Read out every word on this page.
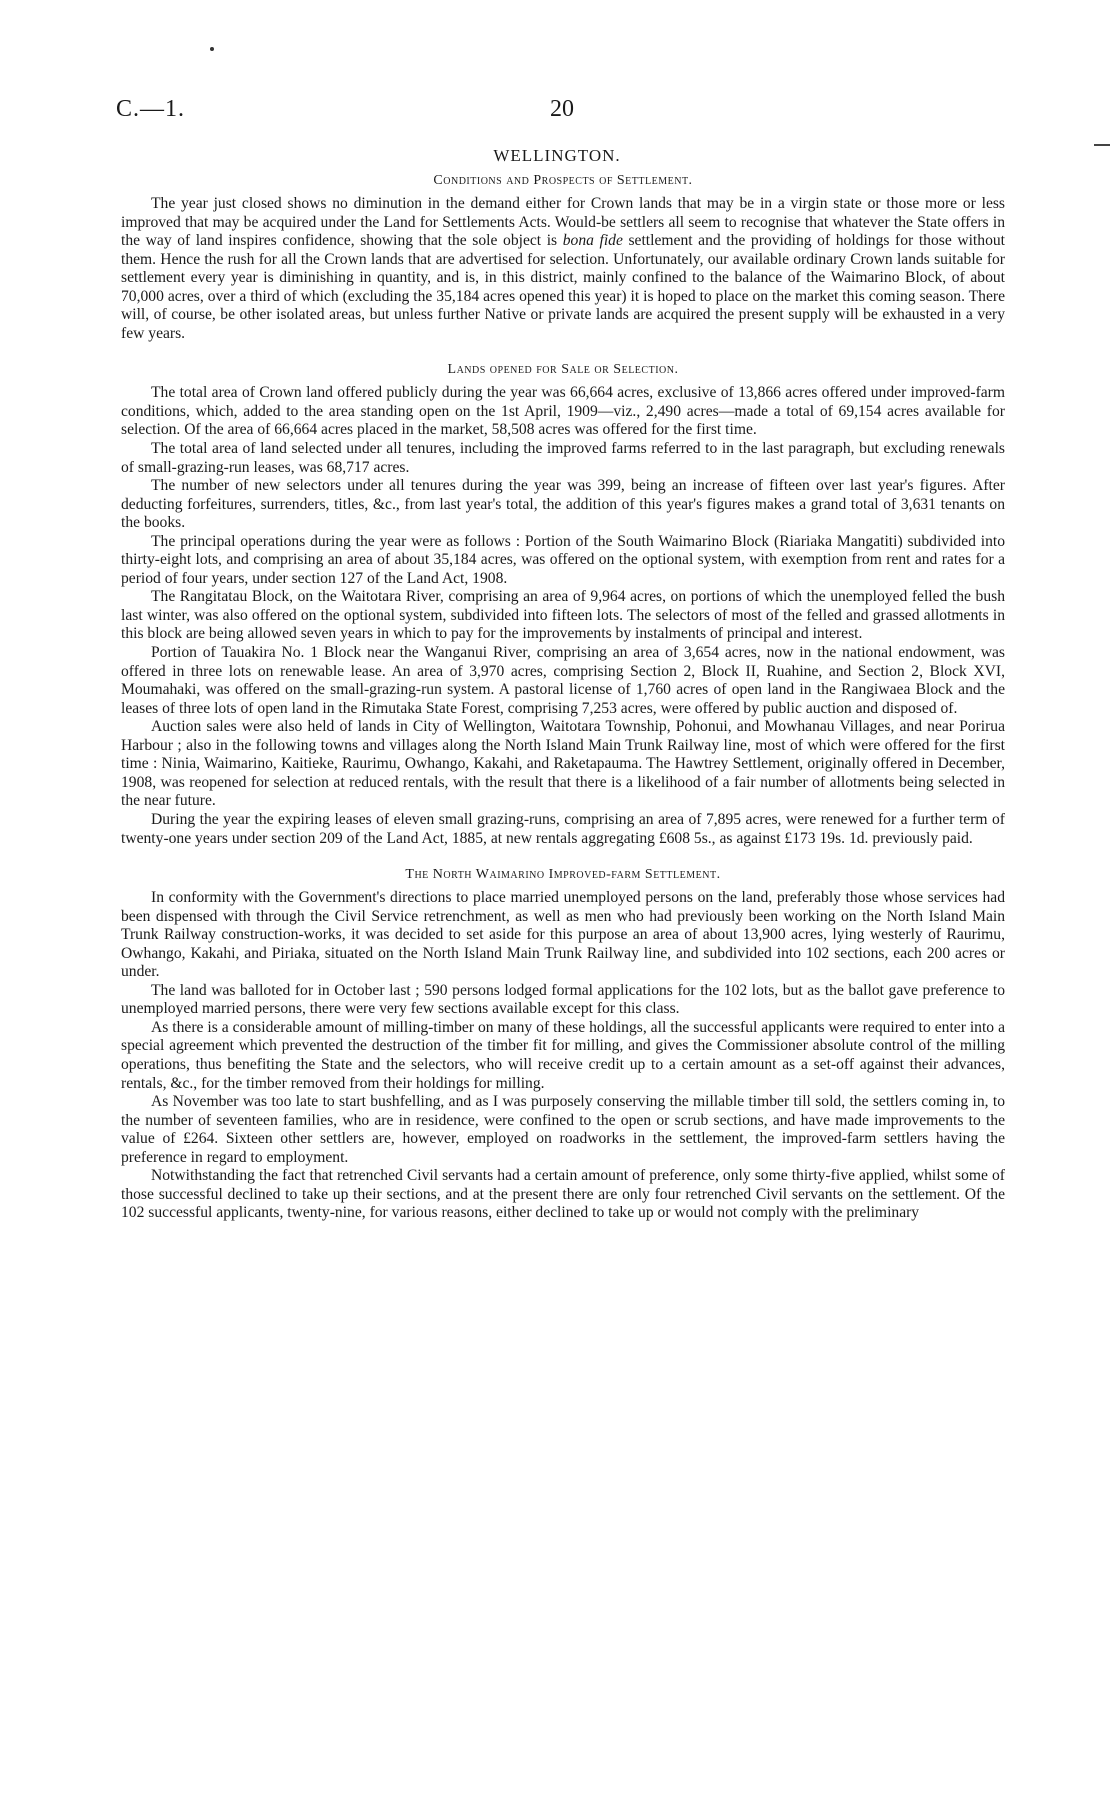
C.—1.	20
WELLINGTON.
Conditions and Prospects of Settlement.

The year just closed shows no diminution in the demand either for Crown lands that may be in a virgin state or those more or less improved that may be acquired under the Land for Settlements Acts. Would-be settlers all seem to recognise that whatever the State offers in the way of land inspires confidence, showing that the sole object is bona fide settlement and the providing of holdings for those without them. Hence the rush for all the Crown lands that are advertised for selection. Unfortunately, our available ordinary Crown lands suitable for settlement every year is diminishing in quantity, and is, in this district, mainly confined to the balance of the Waimarino Block, of about 70,000 acres, over a third of which (excluding the 35,184 acres opened this year) it is hoped to place on the market this coming season. There will, of course, be other isolated areas, but unless further Native or private lands are acquired the present supply will be exhausted in a very few years.

Lands opened for Sale or Selection.

The total area of Crown land offered publicly during the year was 66,664 acres, exclusive of 13,866 acres offered under improved-farm conditions, which, added to the area standing open on the 1st April, 1909—viz., 2,490 acres—made a total of 69,154 acres available for selection. Of the area of 66,664 acres placed in the market, 58,508 acres was offered for the first time.

The total area of land selected under all tenures, including the improved farms referred to in the last paragraph, but excluding renewals of small-grazing-run leases, was 68,717 acres.

The number of new selectors under all tenures during the year was 399, being an increase of fifteen over last year's figures. After deducting forfeitures, surrenders, titles, &c., from last year's total, the addition of this year's figures makes a grand total of 3,631 tenants on the books.

The principal operations during the year were as follows : Portion of the South Waimarino Block (Riariaka Mangatiti) subdivided into thirty-eight lots, and comprising an area of about 35,184 acres, was offered on the optional system, with exemption from rent and rates for a period of four years, under section 127 of the Land Act, 1908.

The Rangitatau Block, on the Waitotara River, comprising an area of 9,964 acres, on portions of which the unemployed felled the bush last winter, was also offered on the optional system, subdivided into fifteen lots. The selectors of most of the felled and grassed allotments in this block are being allowed seven years in which to pay for the improvements by instalments of principal and interest.

Portion of Tauakira No. 1 Block near the Wanganui River, comprising an area of 3,654 acres, now in the national endowment, was offered in three lots on renewable lease. An area of 3,970 acres, comprising Section 2, Block II, Ruahine, and Section 2, Block XVI, Moumahaki, was offered on the small-grazing-run system. A pastoral license of 1,760 acres of open land in the Rangiwaea Block and the leases of three lots of open land in the Rimutaka State Forest, comprising 7,253 acres, were offered by public auction and disposed of.

Auction sales were also held of lands in City of Wellington, Waitotara Township, Pohonui, and Mowhanau Villages, and near Porirua Harbour ; also in the following towns and villages along the North Island Main Trunk Railway line, most of which were offered for the first time : Ninia, Waimarino, Kaitieke, Raurimu, Owhango, Kakahi, and Raketapauma. The Hawtrey Settlement, originally offered in December, 1908, was reopened for selection at reduced rentals, with the result that there is a likelihood of a fair number of allotments being selected in the near future.

During the year the expiring leases of eleven small grazing-runs, comprising an area of 7,895 acres, were renewed for a further term of twenty-one years under section 209 of the Land Act, 1885, at new rentals aggregating £608 5s., as against £173 19s. 1d. previously paid.

The North Waimarino Improved-farm Settlement.

In conformity with the Government's directions to place married unemployed persons on the land, preferably those whose services had been dispensed with through the Civil Service retrenchment, as well as men who had previously been working on the North Island Main Trunk Railway construction-works, it was decided to set aside for this purpose an area of about 13,900 acres, lying westerly of Raurimu, Owhango, Kakahi, and Piriaka, situated on the North Island Main Trunk Railway line, and subdivided into 102 sections, each 200 acres or under.

The land was balloted for in October last ; 590 persons lodged formal applications for the 102 lots, but as the ballot gave preference to unemployed married persons, there were very few sections available except for this class.

As there is a considerable amount of milling-timber on many of these holdings, all the successful applicants were required to enter into a special agreement which prevented the destruction of the timber fit for milling, and gives the Commissioner absolute control of the milling operations, thus benefiting the State and the selectors, who will receive credit up to a certain amount as a set-off against their advances, rentals, &c., for the timber removed from their holdings for milling.

As November was too late to start bushfelling, and as I was purposely conserving the millable timber till sold, the settlers coming in, to the number of seventeen families, who are in residence, were confined to the open or scrub sections, and have made improvements to the value of £264. Sixteen other settlers are, however, employed on roadworks in the settlement, the improved-farm settlers having the preference in regard to employment.

Notwithstanding the fact that retrenched Civil servants had a certain amount of preference, only some thirty-five applied, whilst some of those successful declined to take up their sections, and at the present there are only four retrenched Civil servants on the settlement. Of the 102 successful applicants, twenty-nine, for various reasons, either declined to take up or would not comply with the preliminary
